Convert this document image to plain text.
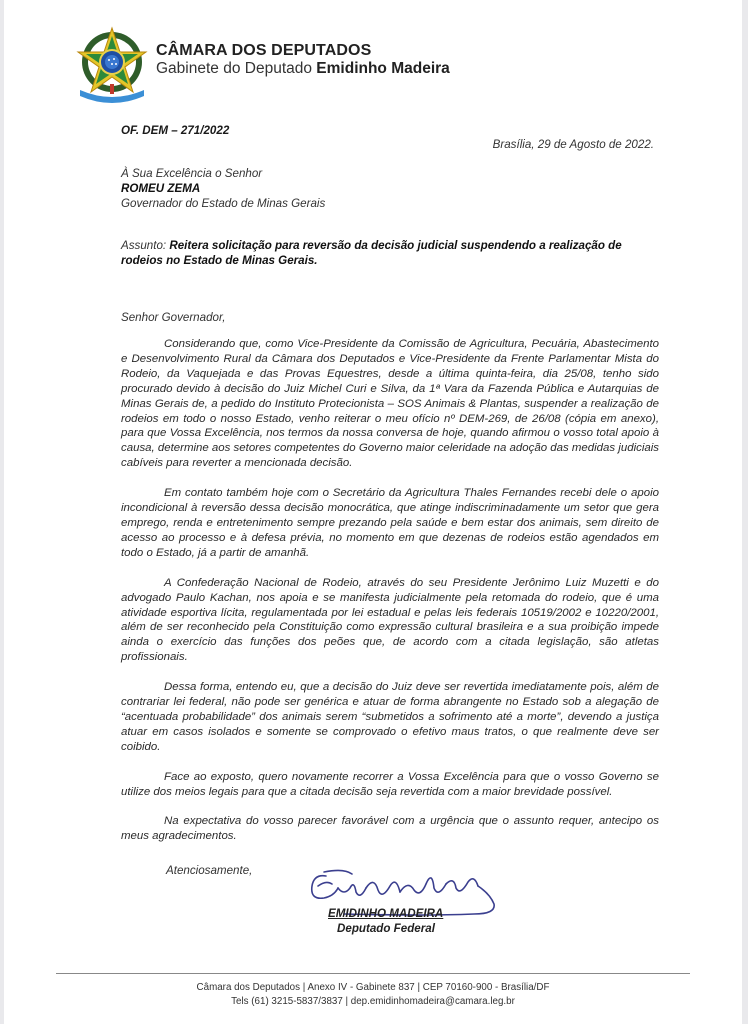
CÂMARA DOS DEPUTADOS
Gabinete do Deputado Emidinho Madeira
OF. DEM – 271/2022
Brasília, 29 de Agosto de 2022.
À Sua Excelência o Senhor
ROMEU ZEMA
Governador do Estado de Minas Gerais
Assunto: Reitera solicitação para reversão da decisão judicial suspendendo a realização de rodeios no Estado de Minas Gerais.
Senhor Governador,

Considerando que, como Vice-Presidente da Comissão de Agricultura, Pecuária, Abastecimento e Desenvolvimento Rural da Câmara dos Deputados e Vice-Presidente da Frente Parlamentar Mista do Rodeio, da Vaquejada e das Provas Equestres, desde a última quinta-feira, dia 25/08, tenho sido procurado devido à decisão do Juiz Michel Curi e Silva, da 1ª Vara da Fazenda Pública e Autarquias de Minas Gerais de, a pedido do Instituto Protecionista – SOS Animais & Plantas, suspender a realização de rodeios em todo o nosso Estado, venho reiterar o meu ofício nº DEM-269, de 26/08 (cópia em anexo), para que Vossa Excelência, nos termos da nossa conversa de hoje, quando afirmou o vosso total apoio à causa, determine aos setores competentes do Governo maior celeridade na adoção das medidas judiciais cabíveis para reverter a mencionada decisão.

Em contato também hoje com o Secretário da Agricultura Thales Fernandes recebi dele o apoio incondicional à reversão dessa decisão monocrática, que atinge indiscriminadamente um setor que gera emprego, renda e entretenimento sempre prezando pela saúde e bem estar dos animais, sem direito de acesso ao processo e à defesa prévia, no momento em que dezenas de rodeios estão agendados em todo o Estado, já a partir de amanhã.

A Confederação Nacional de Rodeio, através do seu Presidente Jerônimo Luiz Muzetti e do advogado Paulo Kachan, nos apoia e se manifesta judicialmente pela retomada do rodeio, que é uma atividade esportiva lícita, regulamentada por lei estadual e pelas leis federais 10519/2002 e 10220/2001, além de ser reconhecido pela Constituição como expressão cultural brasileira e a sua proibição impede ainda o exercício das funções dos peões que, de acordo com a citada legislação, são atletas profissionais.

Dessa forma, entendo eu, que a decisão do Juiz deve ser revertida imediatamente pois, além de contrariar lei federal, não pode ser genérica e atuar de forma abrangente no Estado sob a alegação de “acentuada probabilidade” dos animais serem “submetidos a sofrimento até a morte”, devendo a justiça atuar em casos isolados e somente se comprovado o efetivo maus tratos, o que realmente deve ser coibido.

Face ao exposto, quero novamente recorrer a Vossa Excelência para que o vosso Governo se utilize dos meios legais para que a citada decisão seja revertida com a maior brevidade possível.

Na expectativa do vosso parecer favorável com a urgência que o assunto requer, antecipo os meus agradecimentos.

Atenciosamente,
EMIDINHO MADEIRA
Deputado Federal
Câmara dos Deputados | Anexo IV - Gabinete 837 | CEP 70160-900 - Brasília/DF
Tels (61) 3215-5837/3837 | dep.emidinhomadeira@camara.leg.br
